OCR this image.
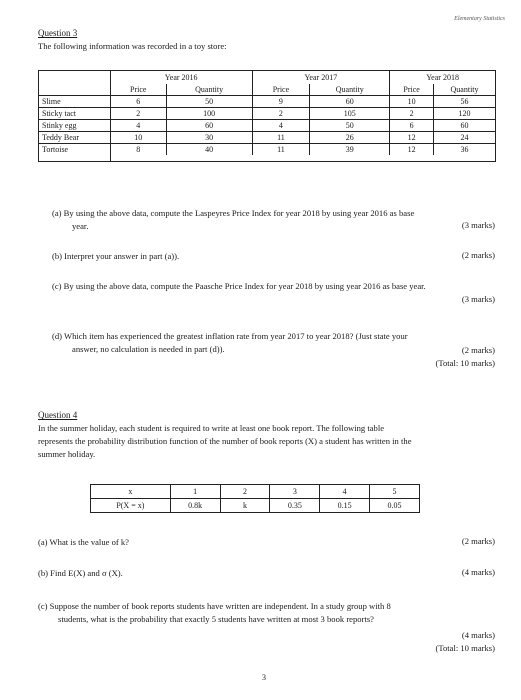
Elementary Statistics
Question 3
The following information was recorded in a toy store:
	Year 2016		Year 2017		Year 2018	
	Price	Quantity	Price	Quantity	Price	Quantity
Slime	6	50	9	60	10	56
Sticky tact	2	100	2	105	2	120
Stinky egg	4	60	4	50	6	60
Teddy Bear	10	30	11	26	12	24
Tortoise	8	40	11	39	12	36

(a) By using the above data, compute the Laspeyres Price Index for year 2018 by using year 2016 as base
year.	(3 marks)
(b) Interpret your answer in part (a)).	(2 marks)
(c) By using the above data, compute the Paasche Price Index for year 2018 by using year 2016 as base year.
(3 marks)
(d) Which item has experienced the greatest inflation rate from year 2017 to year 2018? (Just state your
answer, no calculation is needed in part (d)).	(2 marks)
(Total: 10 marks)
Question 4
In the summer holiday, each student is required to write at least one book report. The following table
represents the probability distribution function of the number of book reports (X) a student has written in the
summer holiday.
x	1	2	3	4	5
P(X = x)	0.8k	k	0.35	0.15	0.05
(a) What is the value of k?	(2 marks)
(b) Find E(X) and σ (X).	(4 marks)
(c) Suppose the number of book reports students have written are independent. In a study group with 8
students, what is the probability that exactly 5 students have written at most 3 book reports?
(4 marks)
(Total: 10 marks)
3
